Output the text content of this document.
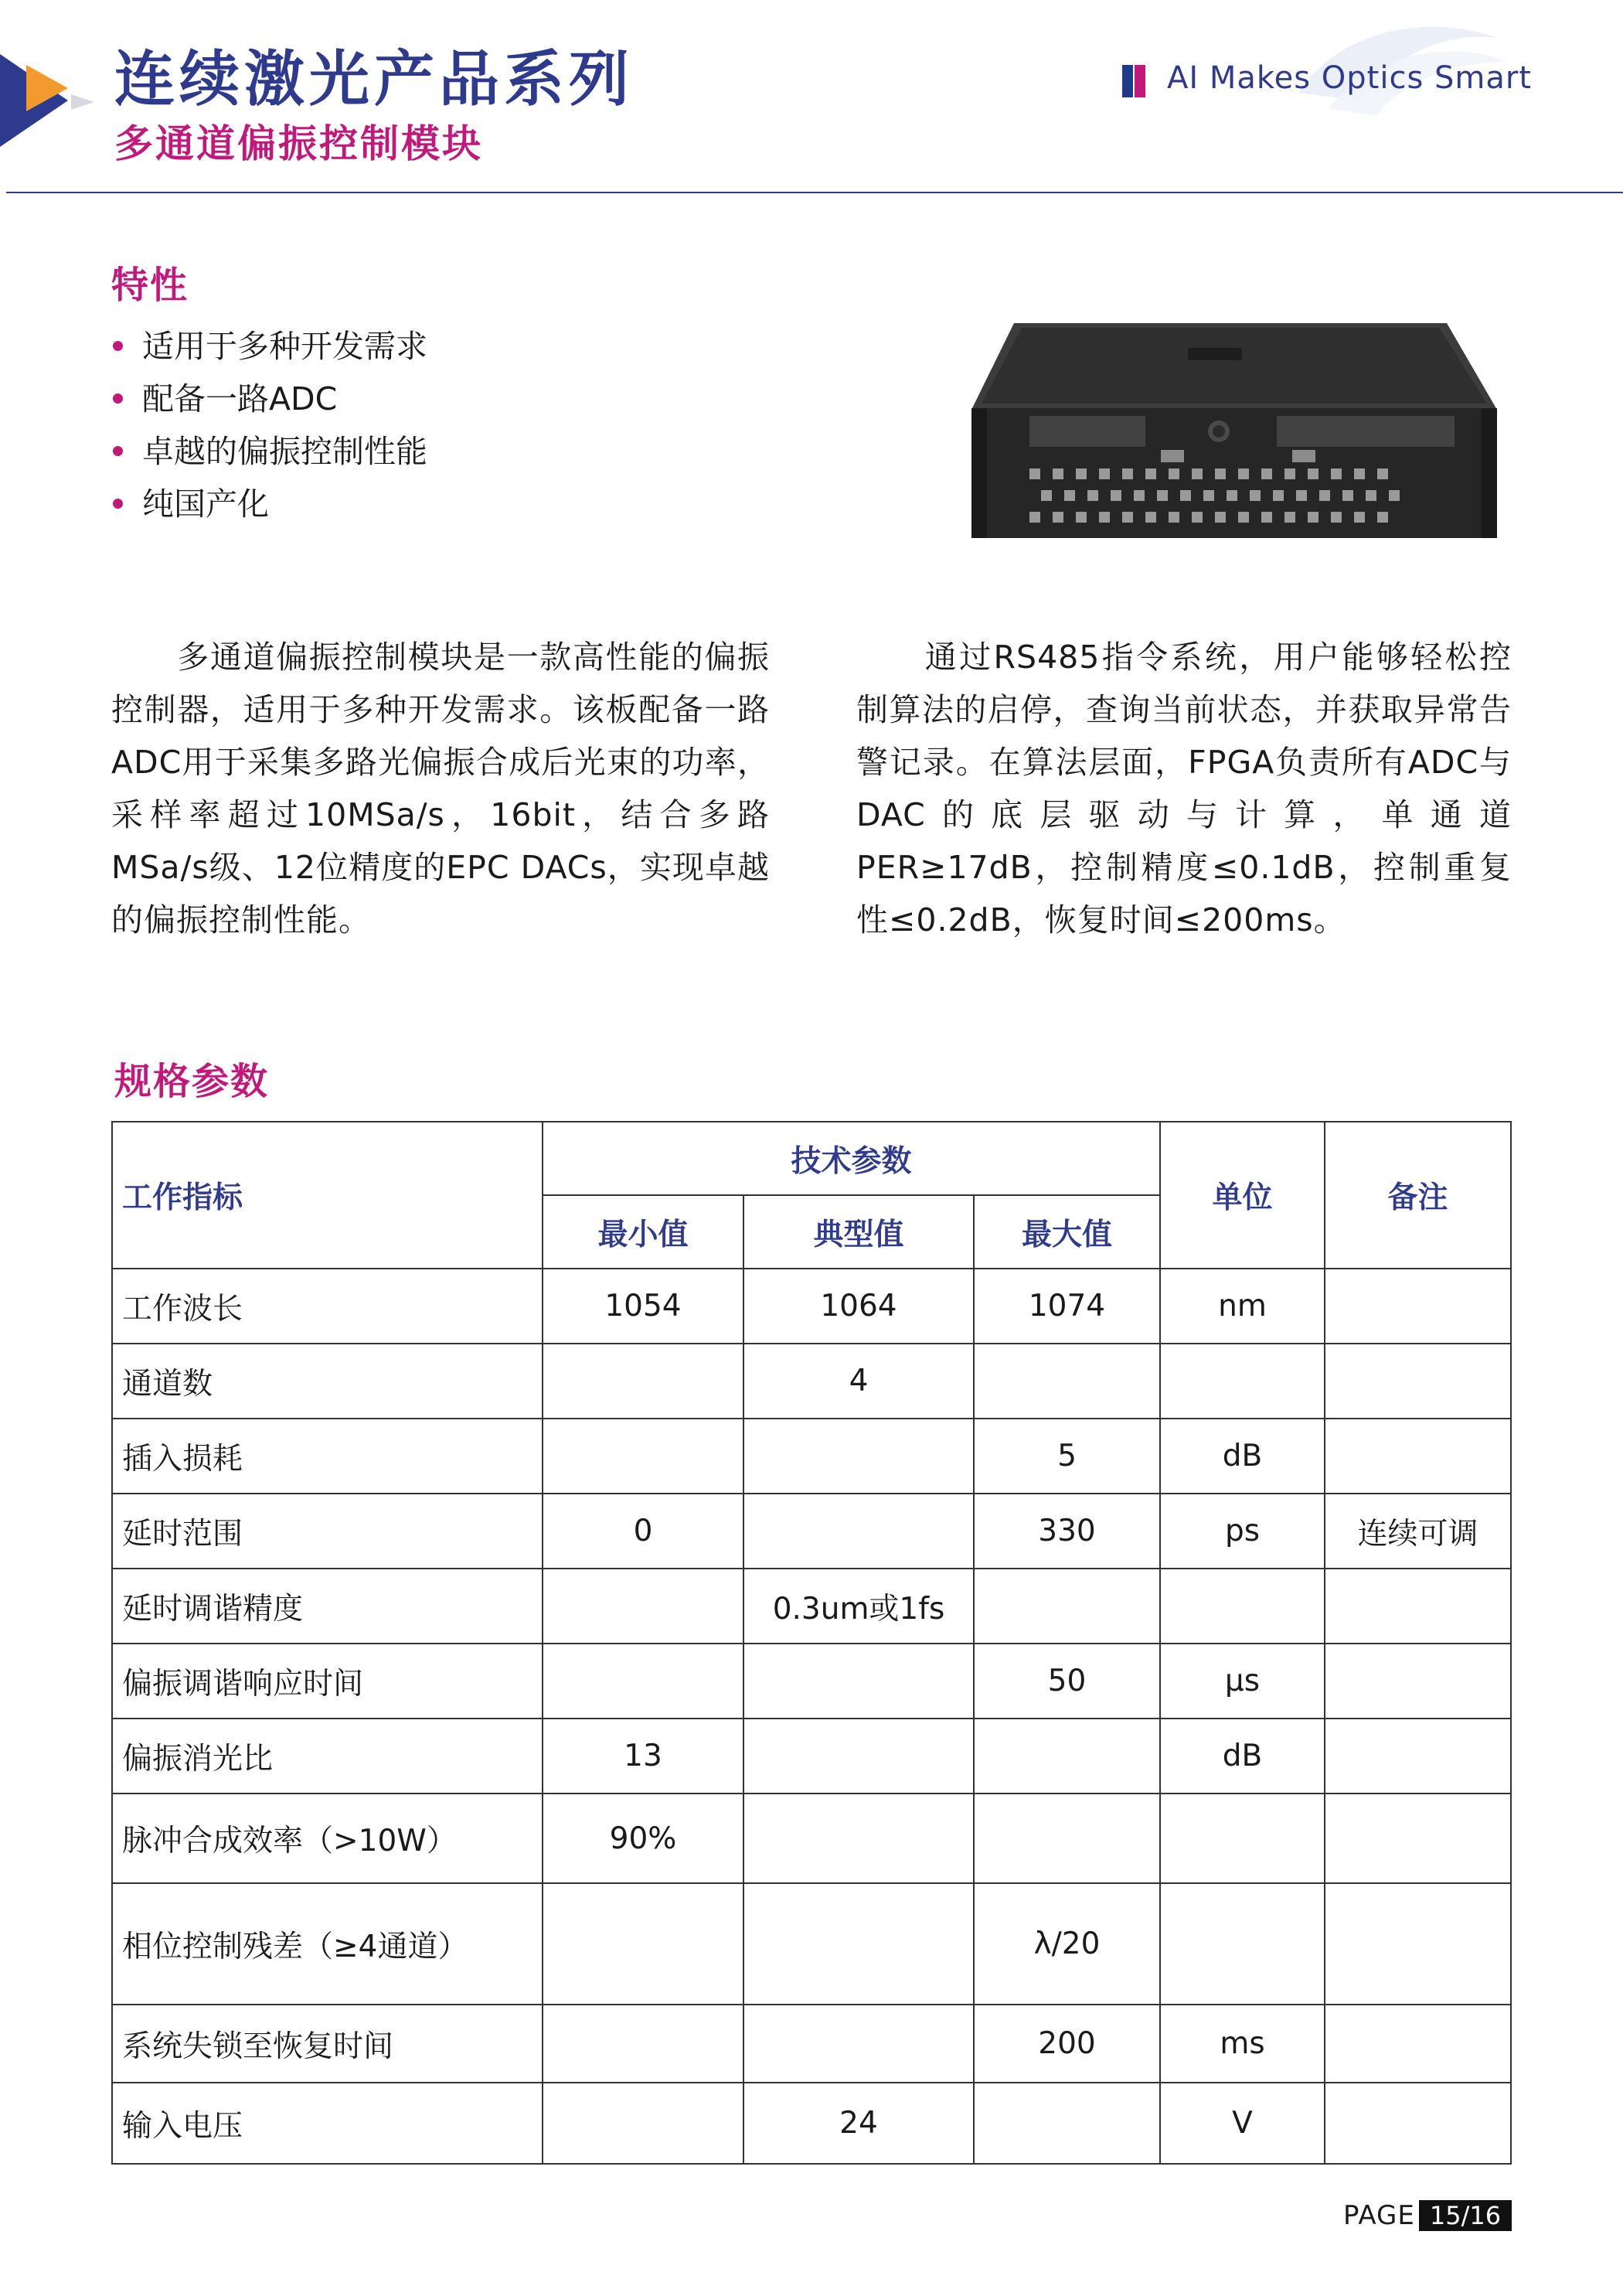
连续激光产品系列
多通道偏振控制模块
AI Makes Optics Smart
特性
适用于多种开发需求
配备一路ADC
卓越的偏振控制性能
纯国产化
　　多通道偏振控制模块是一款高性能的偏振控制器，适用于多种开发需求。该板配备一路ADC用于采集多路光偏振合成后光束的功率，采样率超过10MSa/s，16bit，结合多路MSa/s级、12位精度的EPC DACs，实现卓越的偏振控制性能。
　　通过RS485指令系统，用户能够轻松控制算法的启停，查询当前状态，并获取异常告警记录。在算法层面，FPGA负责所有ADC与DAC的底层驱动与计算，单通道PER≥17dB，控制精度≤0.1dB，控制重复性≤0.2dB，恢复时间≤200ms。
规格参数
工作指标	技术参数			单位	备注
	最小值	典型值	最大值		
工作波长	1054	1064	1074	nm	
通道数		4			
插入损耗			5	dB	
延时范围	0		330	ps	连续可调
延时调谐精度		0.3um或1fs			
偏振调谐响应时间			50	μs	
偏振消光比	13			dB	
脉冲合成效率（>10W）	90%				
相位控制残差（≥4通道）			λ/20		
系统失锁至恢复时间			200	ms	
输入电压		24		V	
PAGE 15/16
